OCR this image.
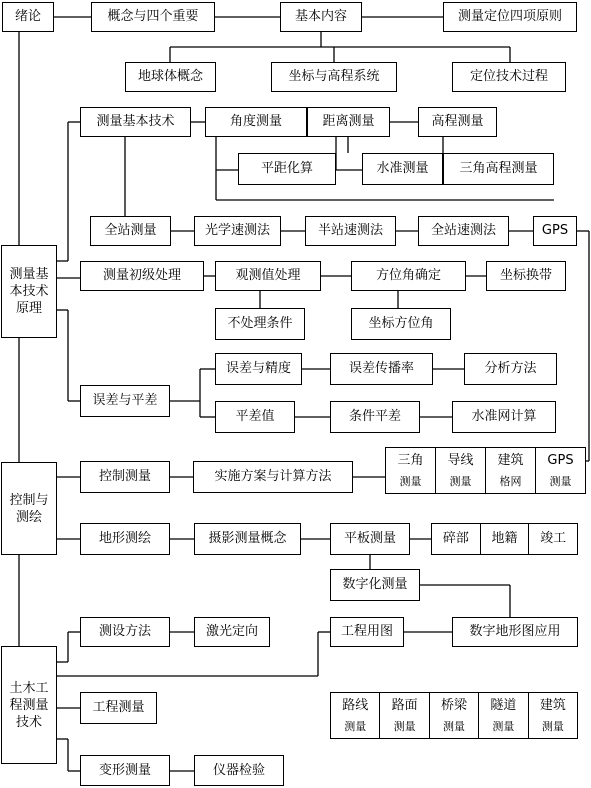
绪论	概念与四个重要	基本内容	测量定位四项原则
地球体概念	坐标与高程系统	定位技术过程
测量基本技术	角度测量	距离测量	高程测量
平距化算	水准测量	三角高程测量
全站测量	光学速测法	半站速测法	全站速测法	GPS
测量基本技术原理
测量初级处理	观测值处理	方位角确定	坐标换带
不处理条件	坐标方位角
误差与精度	误差传播率	分析方法
误差与平差
平差值	条件平差	水准网计算
控制测量	实施方案与计算方法
三角
测量
导线
测量
建筑
格网
GPS
测量
控制与测绘
地形测绘	摄影测量概念	平板测量	碎部	地籍	竣工
数字化测量
测设方法	激光定向	工程用图	数字地形图应用
土木工程测量技术
工程测量	路线
测量
路面
测量
桥梁
测量
隧道
测量
建筑
测量
变形测量	仪器检验
